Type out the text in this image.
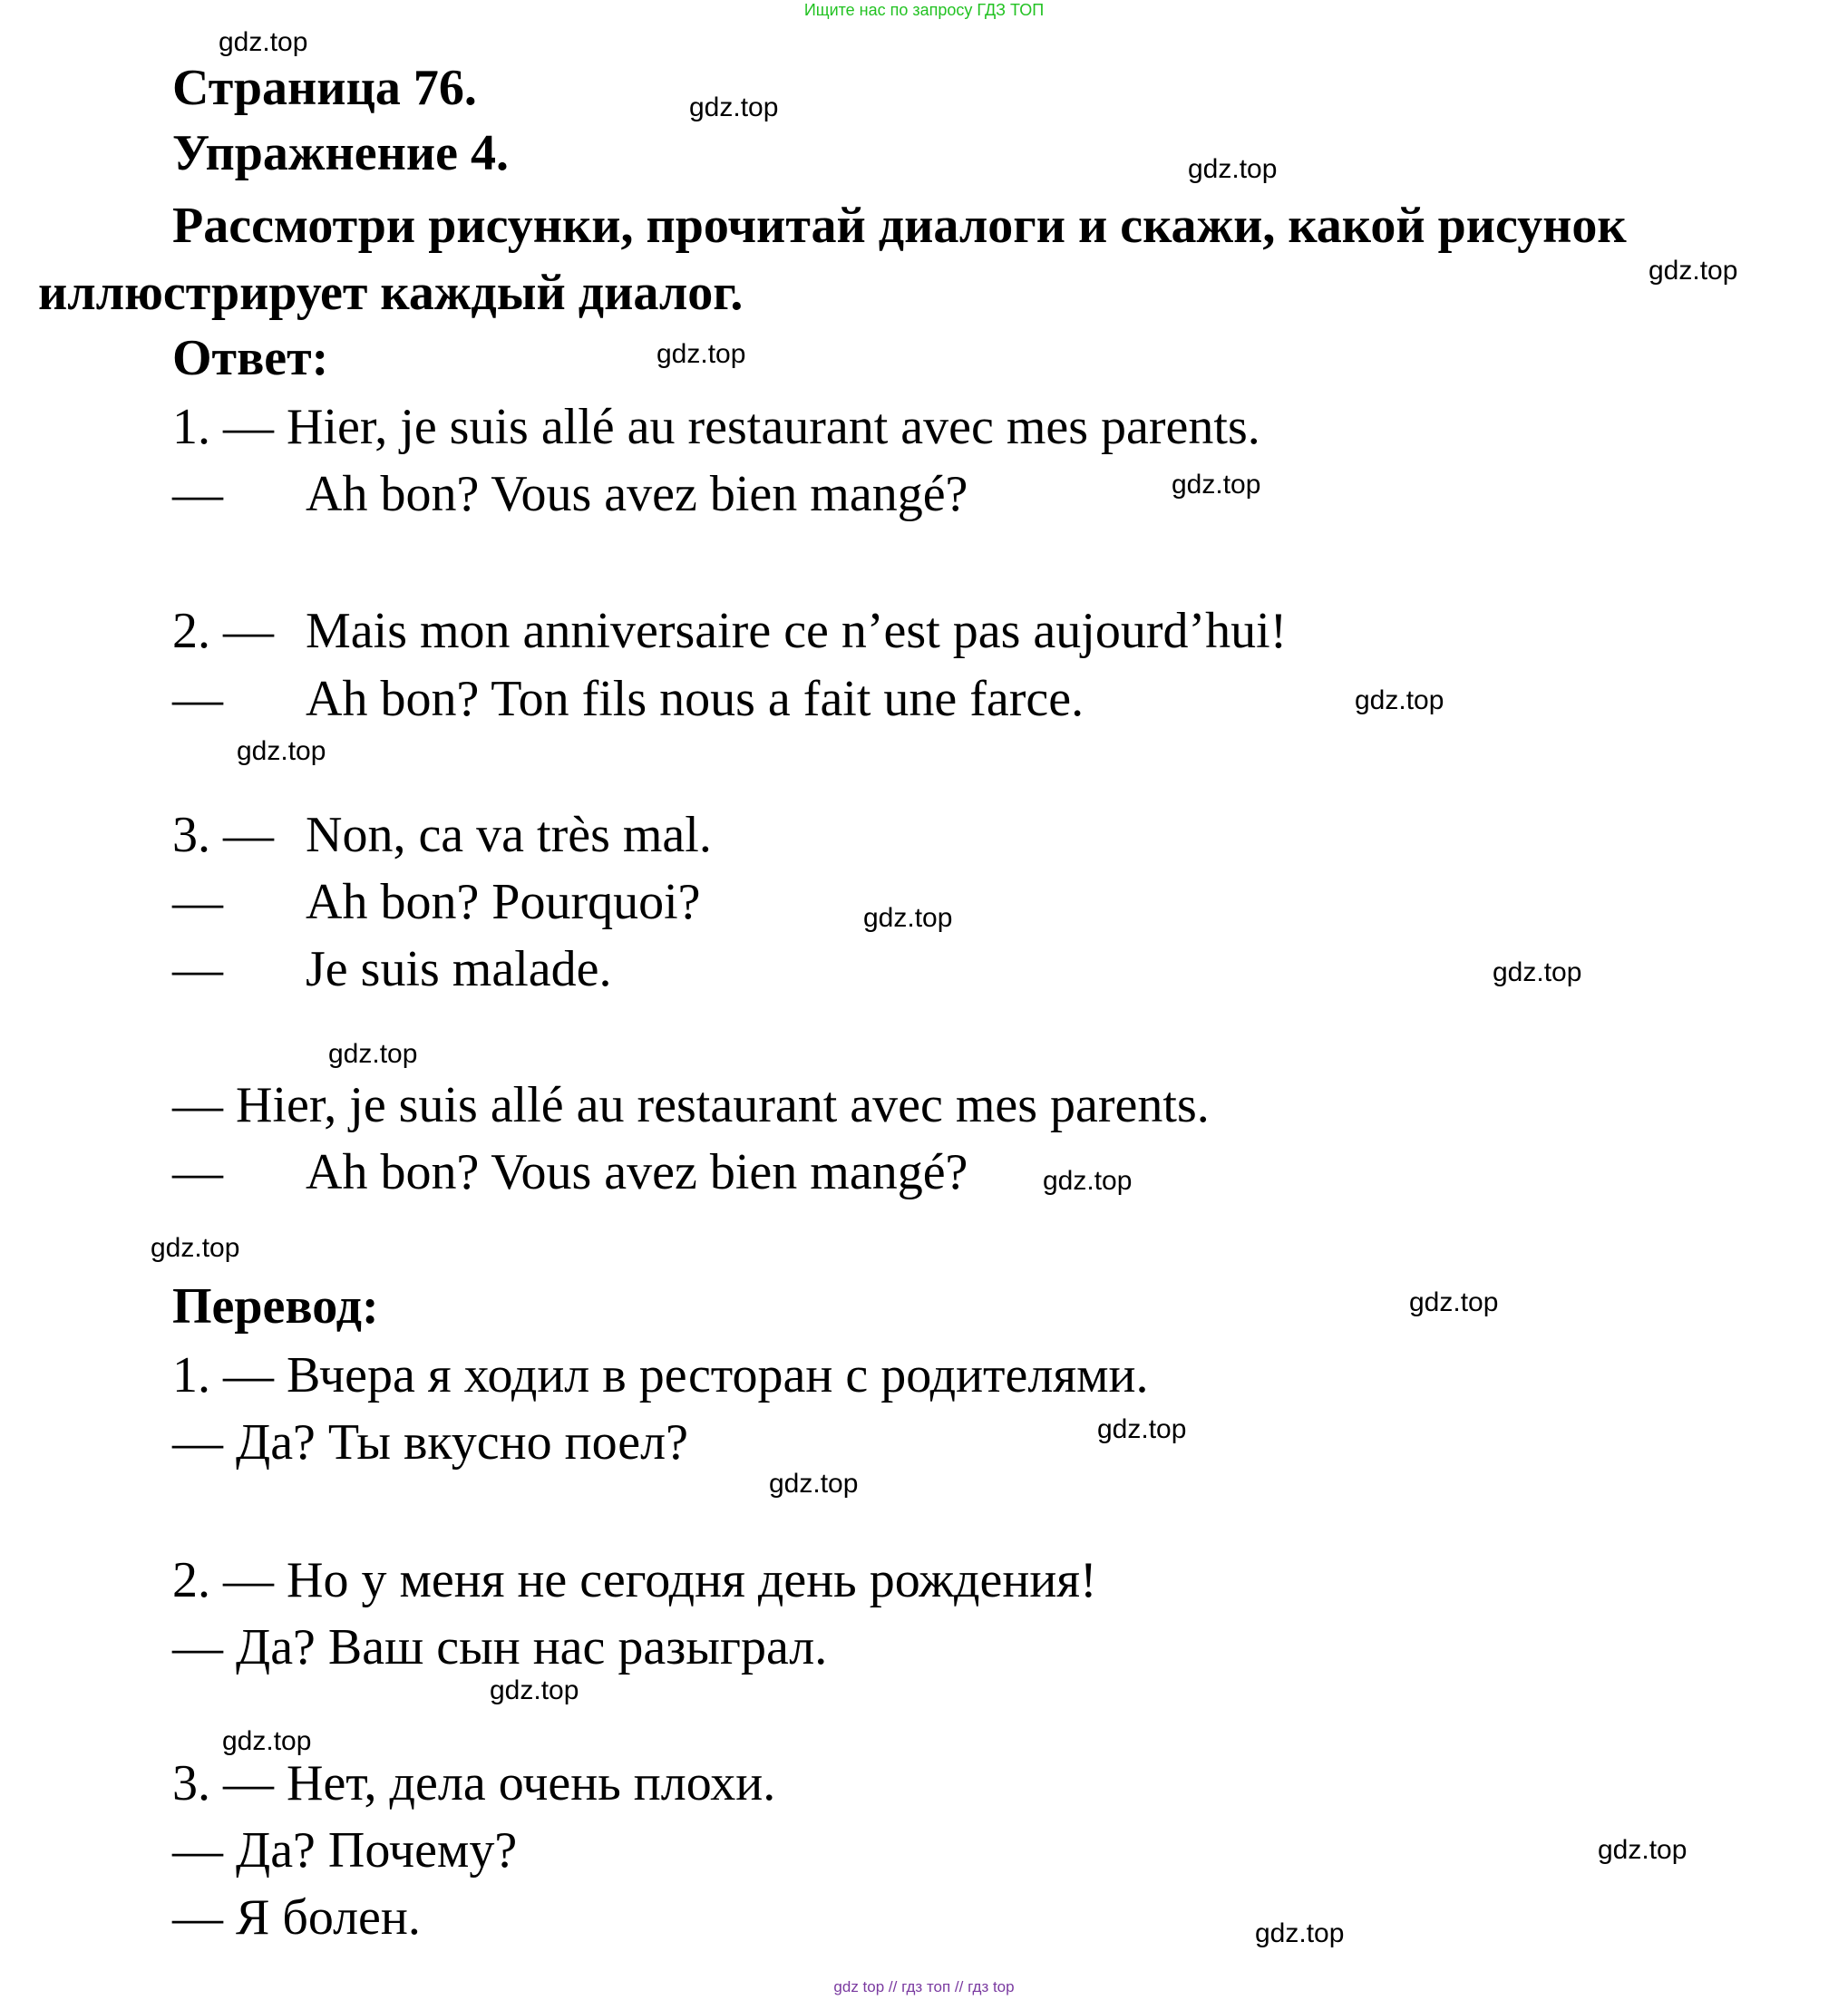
Ищите нас по запросу ГДЗ ТОП
Страница 76.
Упражнение 4.
Рассмотри рисунки, прочитай диалоги и скажи, какой рисунок
иллюстрирует каждый диалог.
Ответ:
1. — Hier, je suis allé au restaurant avec mes parents.
— Ah bon? Vous avez bien mangé?
2. — Mais mon anniversaire ce n’est pas aujourd’hui!
— Ah bon? Ton fils nous a fait une farce.
3. — Non, ca va très mal.
— Ah bon? Pourquoi?
— Je suis malade.
— Hier, je suis allé au restaurant avec mes parents.
— Ah bon? Vous avez bien mangé?
Перевод:
1. — Вчера я ходил в ресторан с родителями.
— Да? Ты вкусно поел?
2. — Но у меня не сегодня день рождения!
— Да? Ваш сын нас разыграл.
3. — Нет, дела очень плохи.
— Да? Почему?
— Я болен.
gdz.top
gdz.top
gdz.top
gdz.top
gdz.top
gdz.top
gdz.top
gdz.top
gdz.top
gdz.top
gdz.top
gdz.top
gdz.top
gdz.top
gdz.top
gdz.top
gdz.top
gdz.top
gdz.top
gdz.top
gdz top // гдз топ // гдз top
